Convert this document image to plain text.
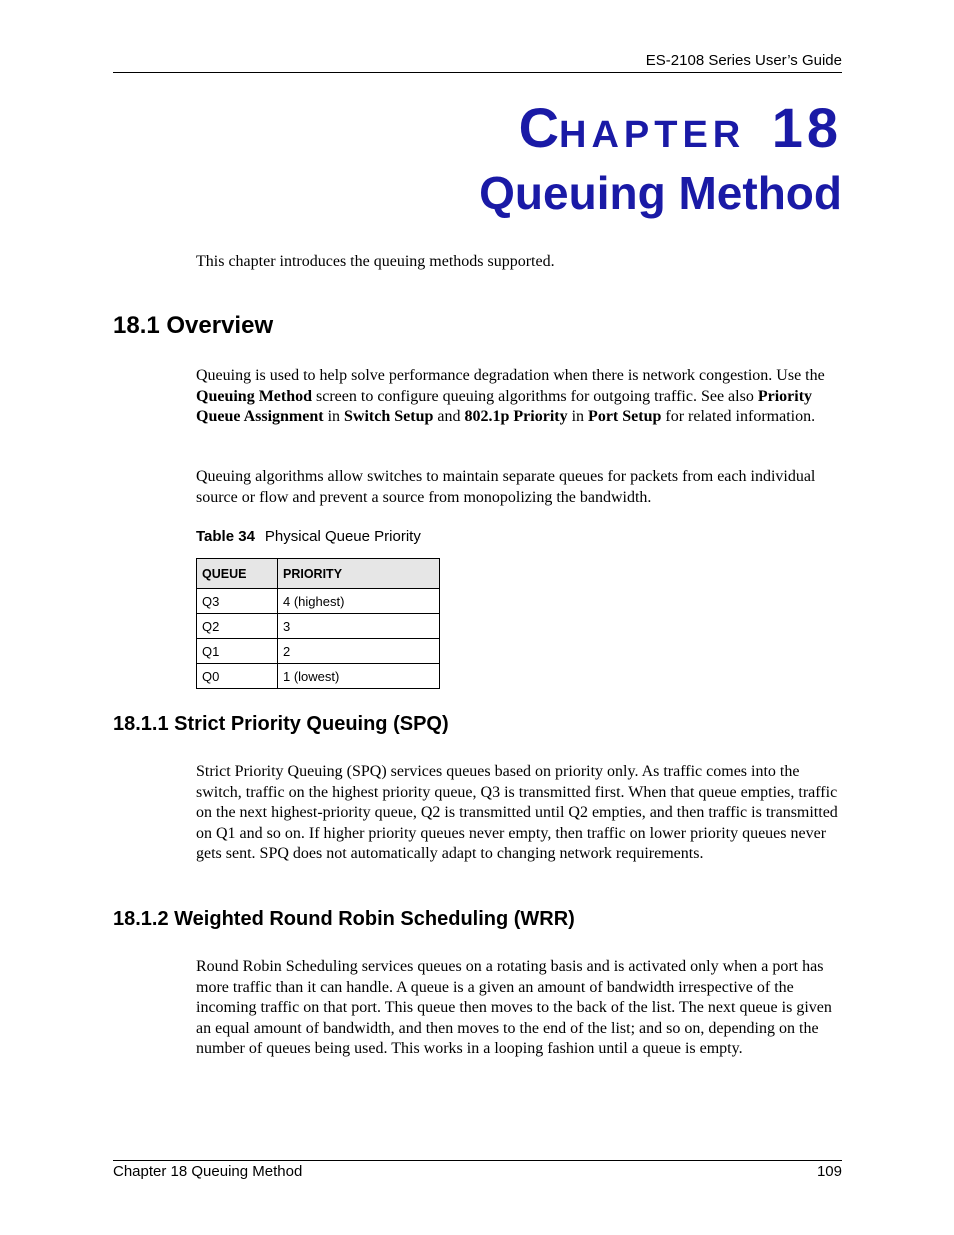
ES-2108 Series User’s Guide
CHAPTER 18
Queuing Method
This chapter introduces the queuing methods supported.
18.1 Overview
Queuing is used to help solve performance degradation when there is network congestion. Use the Queuing Method screen to configure queuing algorithms for outgoing traffic. See also Priority Queue Assignment in Switch Setup and 802.1p Priority in Port Setup for related information.
Queuing algorithms allow switches to maintain separate queues for packets from each individual source or flow and prevent a source from monopolizing the bandwidth.
Table 34 Physical Queue Priority
QUEUE	PRIORITY
Q3	4 (highest)
Q2	3
Q1	2
Q0	1 (lowest)
18.1.1 Strict Priority Queuing (SPQ)
Strict Priority Queuing (SPQ) services queues based on priority only. As traffic comes into the switch, traffic on the highest priority queue, Q3 is transmitted first. When that queue empties, traffic on the next highest-priority queue, Q2 is transmitted until Q2 empties, and then traffic is transmitted on Q1 and so on. If higher priority queues never empty, then traffic on lower priority queues never gets sent. SPQ does not automatically adapt to changing network requirements.
18.1.2 Weighted Round Robin Scheduling (WRR)
Round Robin Scheduling services queues on a rotating basis and is activated only when a port has more traffic than it can handle. A queue is a given an amount of bandwidth irrespective of the incoming traffic on that port. This queue then moves to the back of the list. The next queue is given an equal amount of bandwidth, and then moves to the end of the list; and so on, depending on the number of queues being used. This works in a looping fashion until a queue is empty.
Chapter 18 Queuing Method	109
